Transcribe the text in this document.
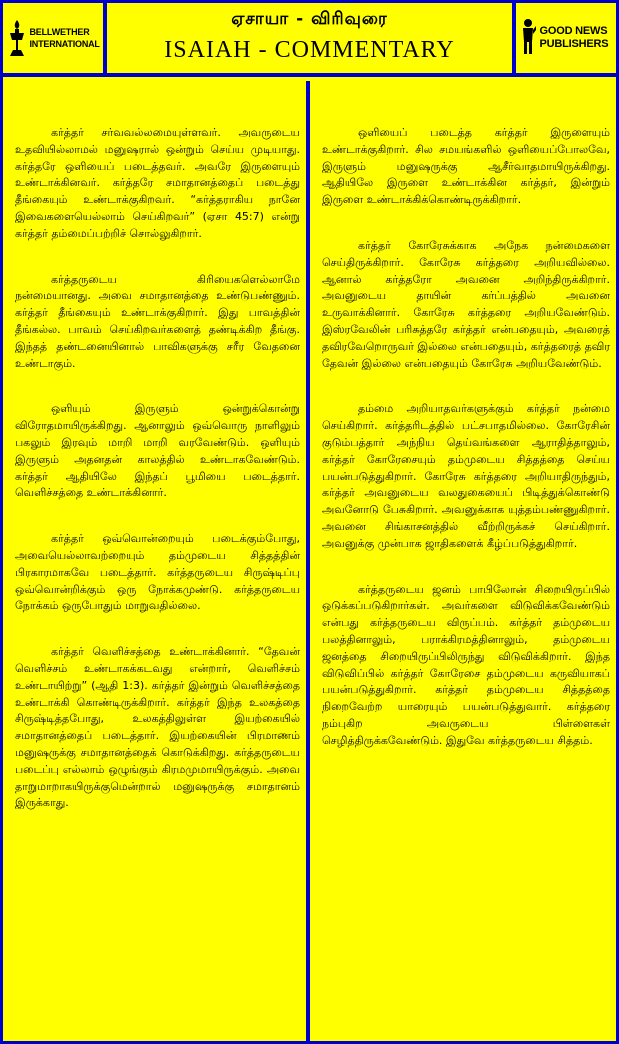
BELLWETHER INTERNATIONAL
ஏசாயா - விரிவுரை
ISAIAH - COMMENTARY
GOOD NEWS PUBLISHERS

கர்த்தர் சர்வவல்லமையுள்ளவர். அவருடைய உதவியில்லாமல் மனுஷரால் ஒன்றும் செய்ய முடியாது. கர்த்தரே ஒளியைப் படைத்தவர். அவரே இருளையும் உண்டாக்கினவர். கர்த்தரே சமாதானத்தைப் படைத்து தீங்கையும் உண்டாக்குகிறவர். “கர்த்தராகிய நானே இவைகளையெல்லாம் செய்கிறவர்” (ஏசா 45:7) என்று கர்த்தர் தம்மைப்பற்றிச் சொல்லுகிறார்.

கர்த்தருடைய கிரியைகளெல்லாமே நன்மையானது. அவை சமாதானத்தை உண்டுபண்ணும். கர்த்தர் தீங்கையும் உண்டாக்குகிறார். இது பாவத்தின் தீங்கல்ல. பாவம் செய்கிறவர்களைத் தண்டிக்கிற தீங்கு. இந்தத் தண்டனையினால் பாவிகளுக்கு சரீர வேதனை உண்டாகும்.

ஒளியும் இருளும் ஒன்றுக்கொன்று விரோதமாயிருக்கிறது. ஆனாலும் ஒவ்வொரு நாளிலும் பகலும் இரவும் மாறி மாறி வரவேண்டும். ஒளியும் இருளும் அதனதன் காலத்தில் உண்டாகவேண்டும். கர்த்தர் ஆதியிலே இந்தப் பூமியை படைத்தார். வெளிச்சத்தை உண்டாக்கினார்.

கர்த்தர் ஒவ்வொன்றையும் படைக்கும்போது, அவையெல்லாவற்றையும் தம்முடைய சித்தத்தின் பிரகாரமாகவே படைத்தார். கர்த்தருடைய சிருஷ்டிப்பு ஒவ்வொன்றிக்கும் ஒரு நோக்கமுண்டு. கர்த்தருடைய நோக்கம் ஒருபோதும் மாறுவதில்லை.

கர்த்தர் வெளிச்சத்தை உண்டாக்கினார். “தேவன் வெளிச்சம் உண்டாகக்கடவது என்றார், வெளிச்சம் உண்டாயிற்று” (ஆதி 1:3). கர்த்தர் இன்றும் வெளிச்சத்தை உண்டாக்கி கொண்டிருக்கிறார். கர்த்தர் இந்த உலகத்தை சிருஷ்டித்தபோது, உலகத்திலுள்ள இயற்கையில் சமாதானத்தைப் படைத்தார். இயற்கையின் பிரமாணம் மனுஷருக்கு சமாதானத்தைக் கொடுக்கிறது. கர்த்தருடைய படைப்பு எல்லாம் ஒழுங்கும் கிரமமுமாயிருக்கும். அவை தாறுமாறாகயிருக்குமென்றால் மனுஷருக்கு சமாதானம் இருக்காது.

ஒளியைப் படைத்த கர்த்தர் இருளையும் உண்டாக்குகிறார். சில சமயங்களில் ஒளியைப்போலவே, இருளும் மனுஷருக்கு ஆசீர்வாதமாயிருக்கிறது. ஆதியிலே இருளை உண்டாக்கின கர்த்தர், இன்றும் இருளை உண்டாக்கிக்கொண்டிருக்கிறார்.

கர்த்தர் கோரேசுக்காக அநேக நன்மைகளை செய்திருக்கிறார். கோரேசு கர்த்தரை அறியவில்லை. ஆனால் கர்த்தரோ அவனை அறிந்திருக்கிறார். அவனுடைய தாயின் கர்ப்பத்தில் அவனை உருவாக்கினார். கோரேசு கர்த்தரை அறியவேண்டும். இஸ்ரவேலின் பரிசுத்தரே கர்த்தர் என்பதையும், அவரைத் தவிரவேறொருவர் இல்லை என்பதையும், கர்த்தரைத் தவிர தேவன் இல்லை என்பதையும் கோரேசு அறியவேண்டும்.

தம்மை அறியாதவர்களுக்கும் கர்த்தர் நன்மை செய்கிறார். கர்த்தரிடத்தில் பட்சபாதமில்லை. கோரேசின் குடும்பத்தார் அந்நிய தெய்வங்களை ஆராதித்தாலும், கர்த்தர் கோரேசையும் தம்முடைய சித்தத்தை செய்ய பயன்படுத்துகிறார். கோரேசு கர்த்தரை அறியாதிருந்தும், கர்த்தர் அவனுடைய வலதுகையைப் பிடித்துக்கொண்டு அவனோடு பேசுகிறார். அவனுக்காக யுத்தம்பண்ணுகிறார். அவனை சிங்காசனத்தில் வீற்றிருக்கச் செய்கிறார். அவனுக்கு முன்பாக ஜாதிகளைக் கீழ்ப்படுத்துகிறார்.

கர்த்தருடைய ஜனம் பாபிலோன் சிறையிருப்பில் ஒடுக்கப்படுகிறார்கள். அவர்களை விடுவிக்கவேண்டும் என்பது கர்த்தருடைய விருப்பம். கர்த்தர் தம்முடைய பலத்தினாலும், பராக்கிரமத்தினாலும், தம்முடைய ஜனத்தை சிறையிருப்பிலிருந்து விடுவிக்கிறார். இந்த விடுவிப்பில் கர்த்தர் கோரேசை தம்முடைய கருவியாகப் பயன்படுத்துகிறார். கர்த்தர் தம்முடைய சித்தத்தை நிறைவேற்ற யாரையும் பயன்படுத்துவார். கர்த்தரை நம்புகிற அவருடைய பிள்ளைகள் செழித்திருக்கவேண்டும். இதுவே கர்த்தருடைய சித்தம்.
